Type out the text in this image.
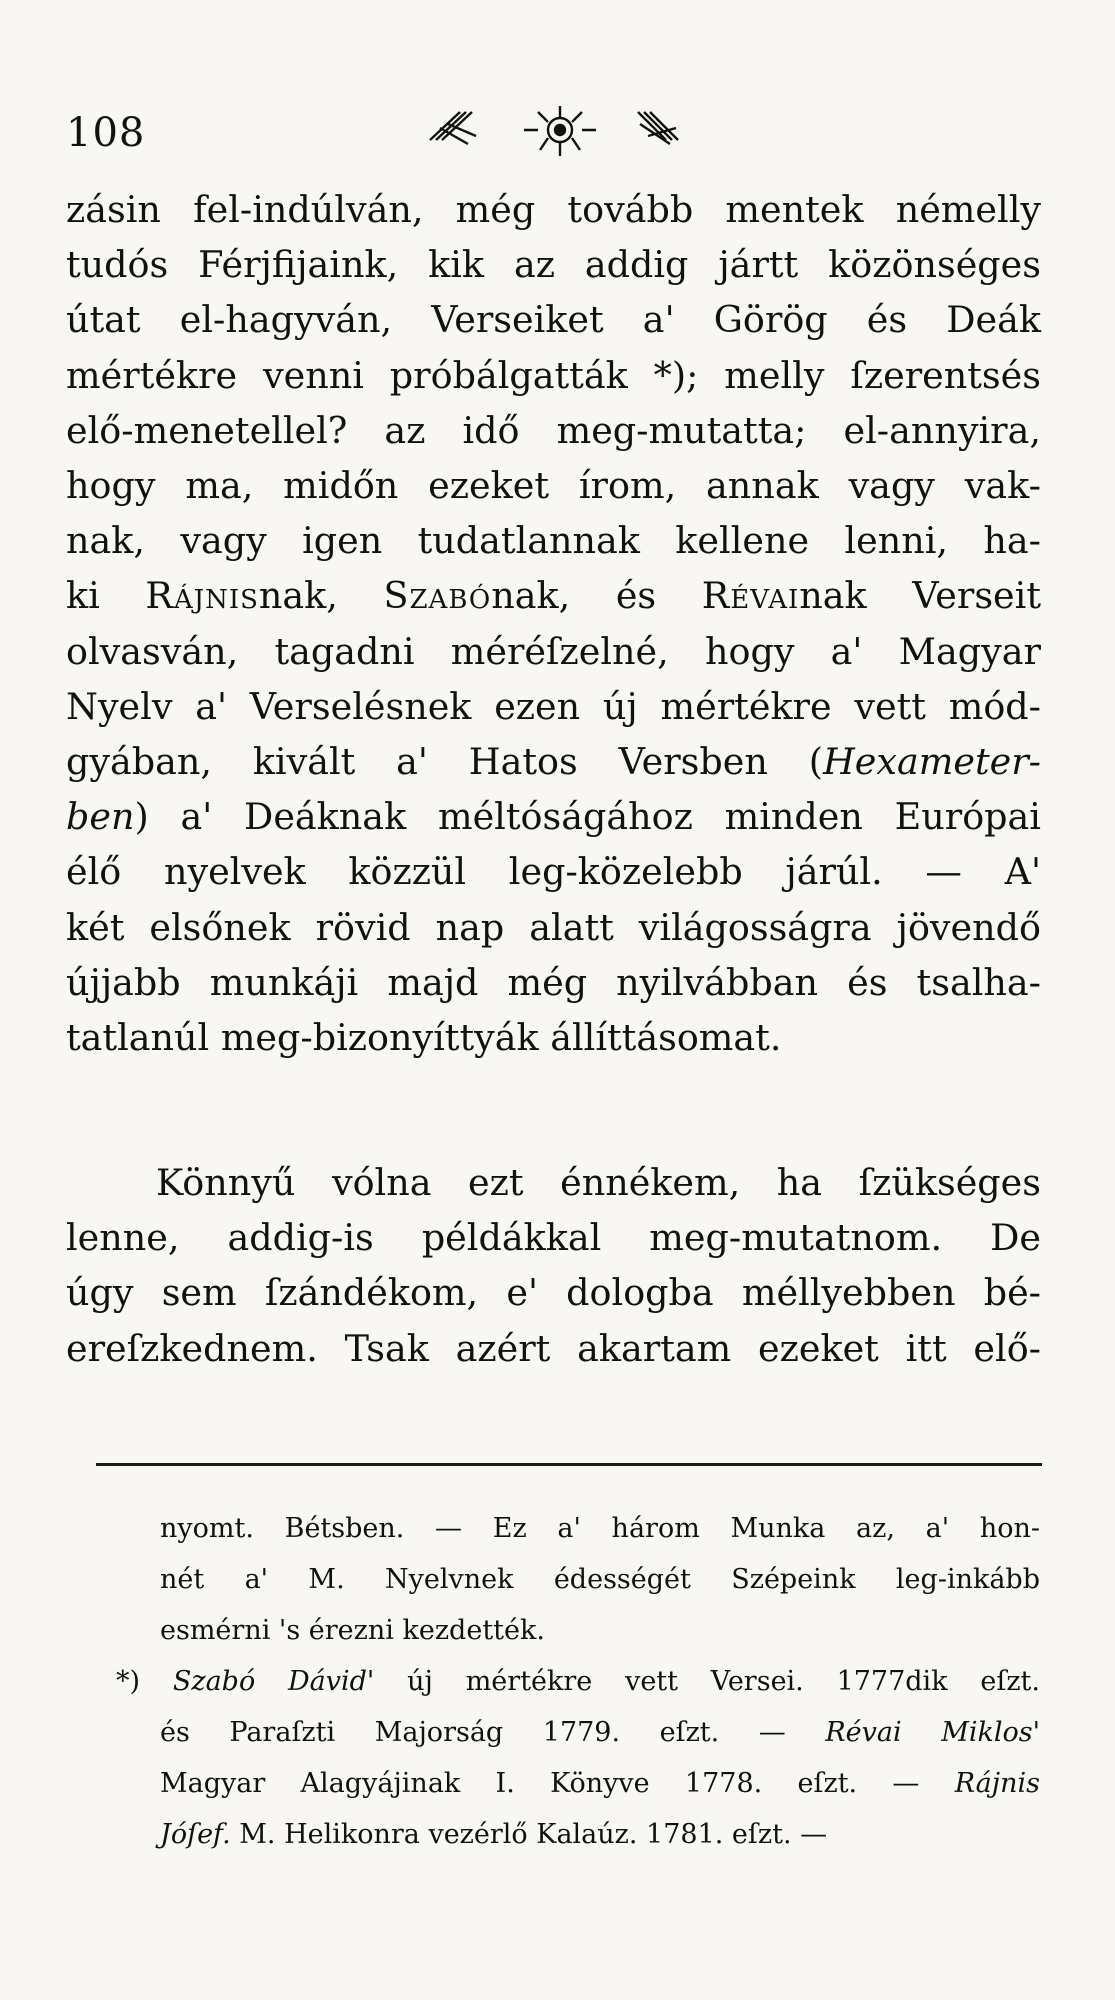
108
zásin fel-indúlván, még tovább mentek némelly
tudós Férjfijaink, kik az addig jártt közönséges
útat el-hagyván, Verseiket a' Görög és Deák
mértékre venni próbálgatták *); melly ſzerentsés
elő-menetellel? az idő meg-mutatta; el-annyira,
hogy ma, midőn ezeket írom, annak vagy vak-
nak, vagy igen tudatlannak kellene lenni, ha-
ki Rájnisnak, Szabónak, és Révainak Verseit
olvasván, tagadni méréſzelné, hogy a' Magyar
Nyelv a' Verselésnek ezen új mértékre vett mód-
gyában, kivált a' Hatos Versben (Hexameter-
ben) a' Deáknak méltóságához minden Európai
élő nyelvek közzül leg-közelebb járúl. — A'
két elsőnek rövid nap alatt világosságra jövendő
újjabb munkáji majd még nyilvábban és tsalha-
tatlanúl meg-bizonyíttyák állíttásomat.
Könnyű vólna ezt énnékem, ha ſzükséges
lenne, addig-is példákkal meg-mutatnom. De
úgy sem ſzándékom, e' dologba méllyebben bé-
ereſzkednem. Tsak azért akartam ezeket itt elő-
nyomt. Bétsben. — Ez a' három Munka az, a' hon-
nét a' M. Nyelvnek édességét Szépeink leg-inkább
esmérni 's érezni kezdették.
*) Szabó Dávid' új mértékre vett Versei. 1777dik eſzt.
és Paraſzti Majorság 1779. eſzt. — Révai Miklos'
Magyar Alagyájinak I. Könyve 1778. eſzt. — Rájnis
Jóſef. M. Helikonra vezérlő Kalaúz. 1781. eſzt. —
